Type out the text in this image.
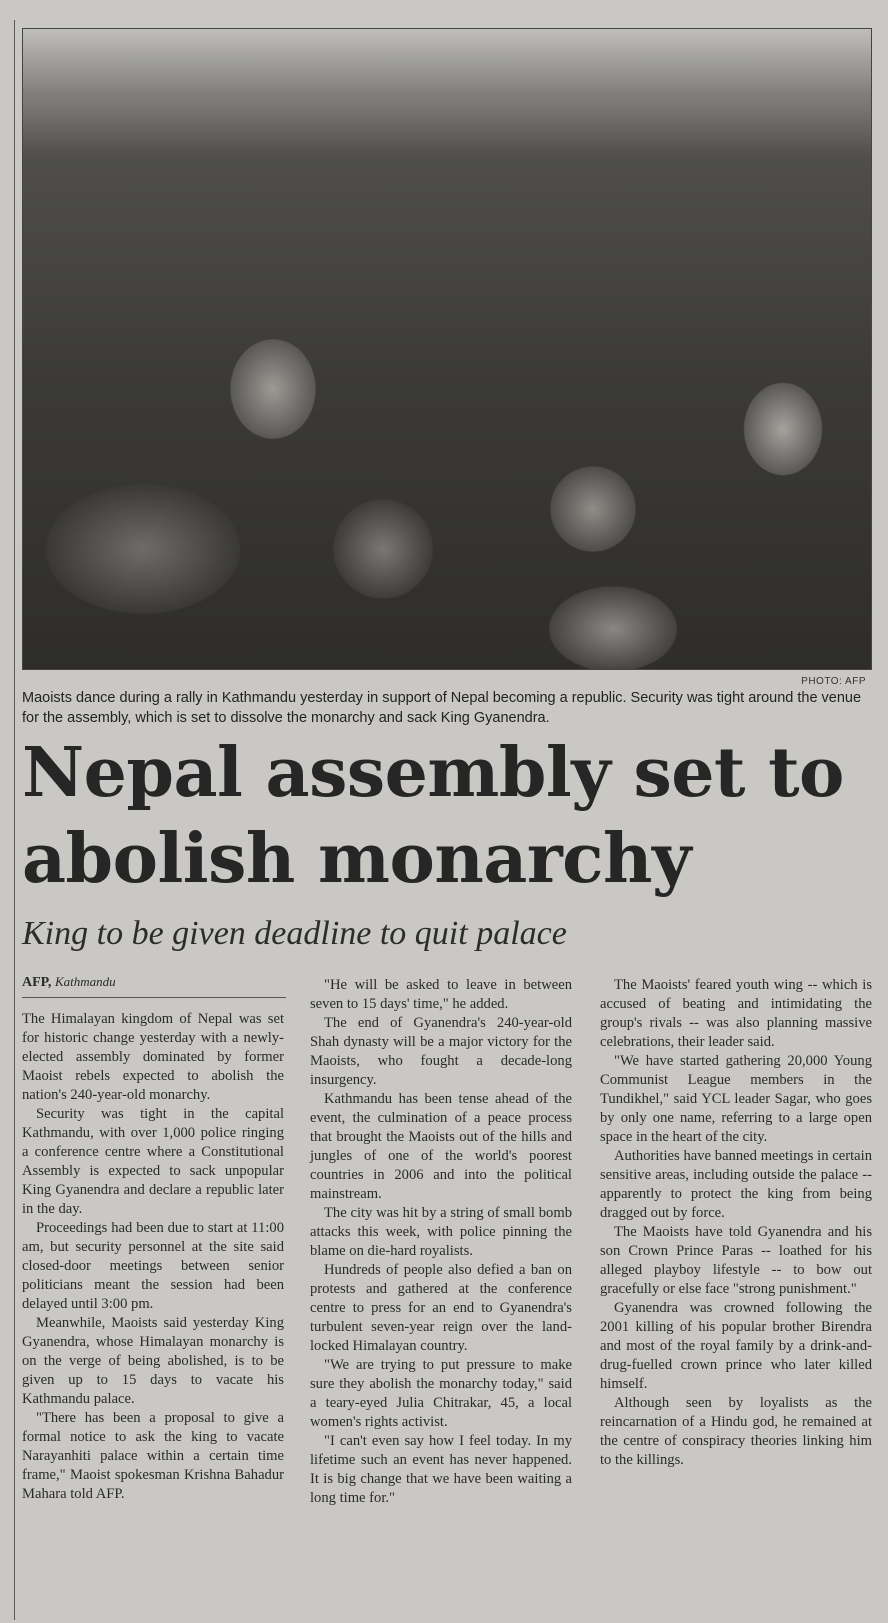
PHOTO: AFP
Maoists dance during a rally in Kathmandu yesterday in support of Nepal becoming a republic. Security was tight around the venue for the assembly, which is set to dissolve the monarchy and sack King Gyanendra.
Nepal assembly set to abolish monarchy
King to be given deadline to quit palace
AFP, Kathmandu

The Himalayan kingdom of Nepal was set for historic change yesterday with a newly-elected assembly dominated by former Maoist rebels expected to abolish the nation's 240-year-old monarchy.

Security was tight in the capital Kathmandu, with over 1,000 police ringing a conference centre where a Constitutional Assembly is expected to sack unpopular King Gyanendra and declare a republic later in the day.

Proceedings had been due to start at 11:00 am, but security personnel at the site said closed-door meetings between senior politicians meant the session had been delayed until 3:00 pm.

Meanwhile, Maoists said yesterday King Gyanendra, whose Himalayan monarchy is on the verge of being abolished, is to be given up to 15 days to vacate his Kathmandu palace.

"There has been a proposal to give a formal notice to ask the king to vacate Narayanhiti palace within a certain time frame," Maoist spokesman Krishna Bahadur Mahara told AFP.

"He will be asked to leave in between seven to 15 days' time," he added.

The end of Gyanendra's 240-year-old Shah dynasty will be a major victory for the Maoists, who fought a decade-long insurgency.

Kathmandu has been tense ahead of the event, the culmination of a peace process that brought the Maoists out of the hills and jungles of one of the world's poorest countries in 2006 and into the political mainstream.

The city was hit by a string of small bomb attacks this week, with police pinning the blame on die-hard royalists.

Hundreds of people also defied a ban on protests and gathered at the conference centre to press for an end to Gyanendra's turbulent seven-year reign over the land-locked Himalayan country.

"We are trying to put pressure to make sure they abolish the monarchy today," said a teary-eyed Julia Chitrakar, 45, a local women's rights activist.

"I can't even say how I feel today. In my lifetime such an event has never happened. It is big change that we have been waiting a long time for."

The Maoists' feared youth wing -- which is accused of beating and intimidating the group's rivals -- was also planning massive celebrations, their leader said.

"We have started gathering 20,000 Young Communist League members in the Tundikhel," said YCL leader Sagar, who goes by only one name, referring to a large open space in the heart of the city.

Authorities have banned meetings in certain sensitive areas, including outside the palace -- apparently to protect the king from being dragged out by force.

The Maoists have told Gyanendra and his son Crown Prince Paras -- loathed for his alleged playboy lifestyle -- to bow out gracefully or else face "strong punishment."

Gyanendra was crowned following the 2001 killing of his popular brother Birendra and most of the royal family by a drink-and-drug-fuelled crown prince who later killed himself.

Although seen by loyalists as the reincarnation of a Hindu god, he remained at the centre of conspiracy theories linking him to the killings.
